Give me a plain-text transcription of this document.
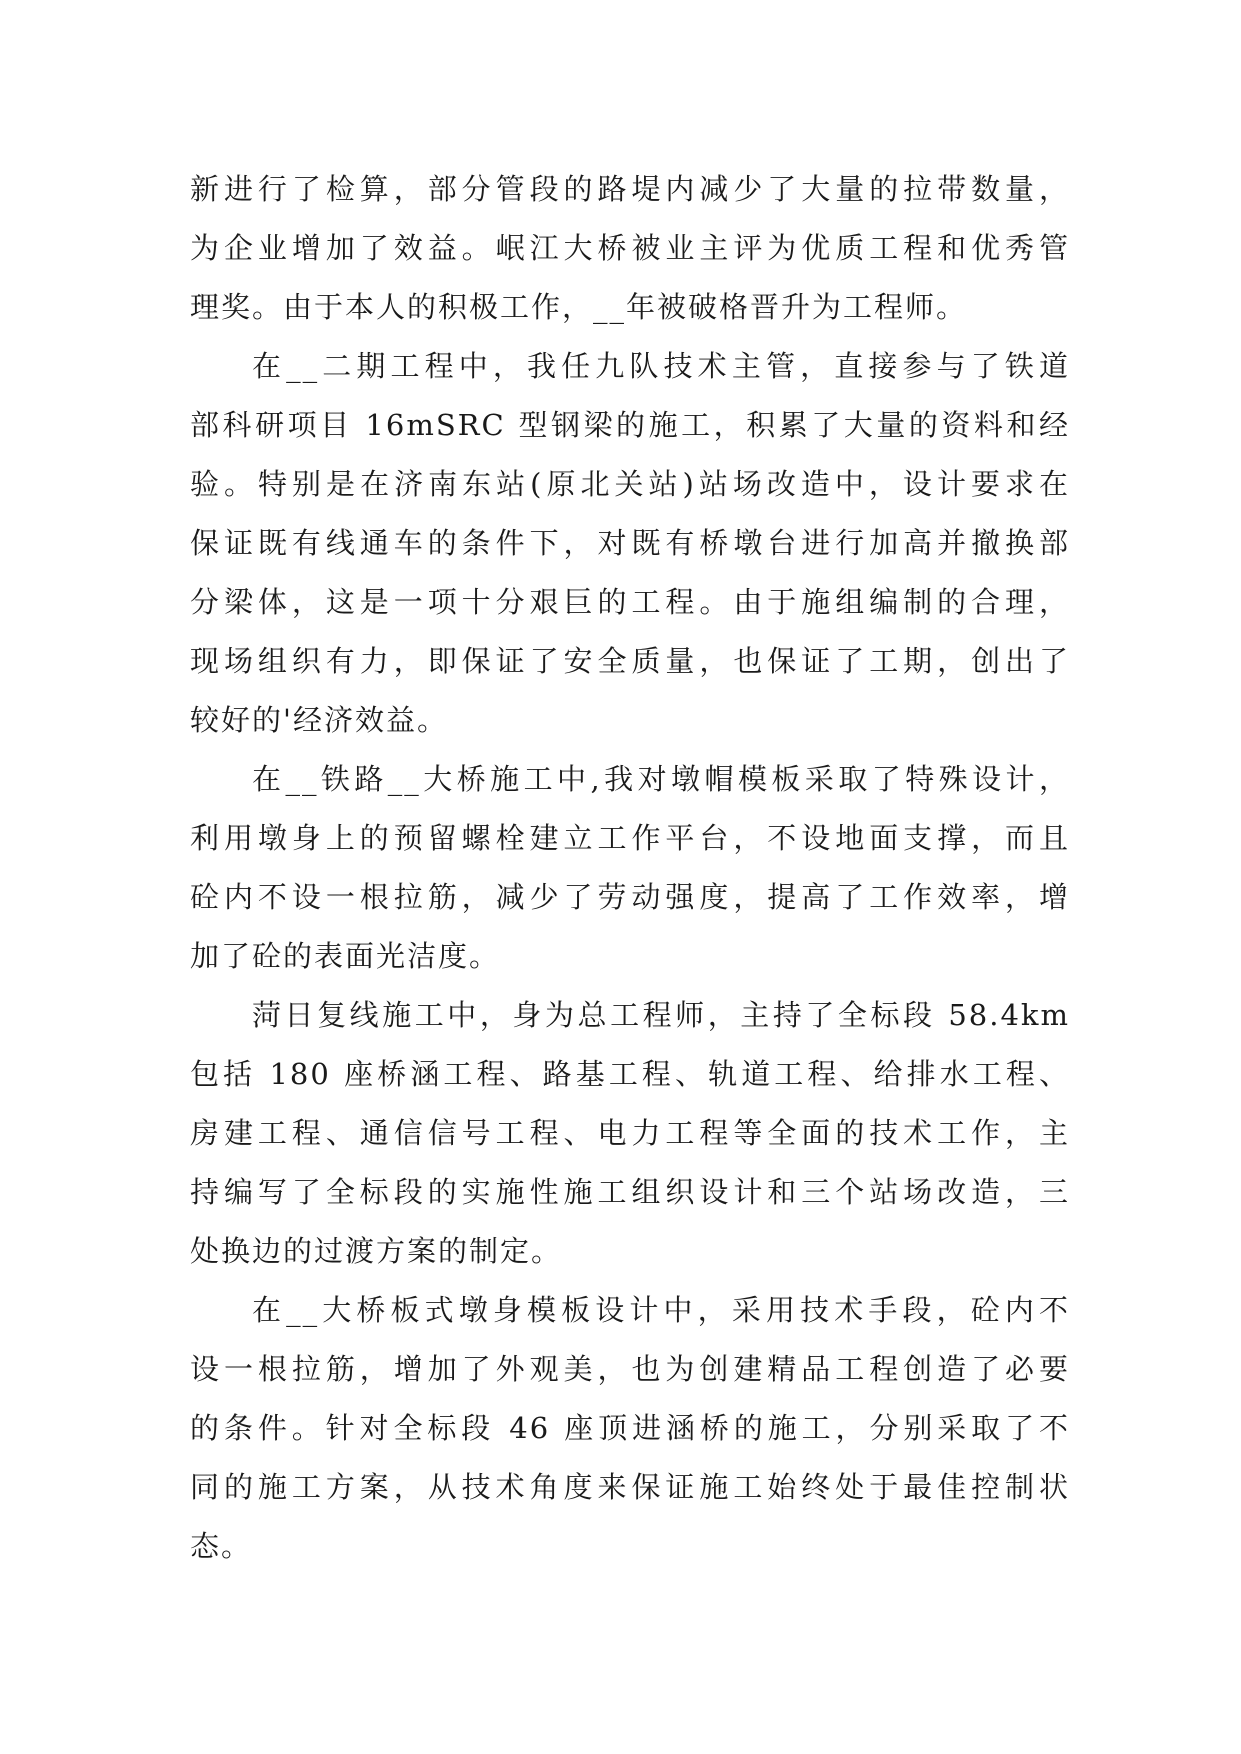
新进行了检算，部分管段的路堤内减少了大量的拉带数量，
为企业增加了效益。岷江大桥被业主评为优质工程和优秀管
理奖。由于本人的积极工作，__年被破格晋升为工程师。
在__二期工程中，我任九队技术主管，直接参与了铁道
部科研项目 16mSRC 型钢梁的施工，积累了大量的资料和经
验。特别是在济南东站(原北关站)站场改造中，设计要求在
保证既有线通车的条件下，对既有桥墩台进行加高并撤换部
分梁体，这是一项十分艰巨的工程。由于施组编制的合理，
现场组织有力，即保证了安全质量，也保证了工期，创出了
较好的'经济效益。
在__铁路__大桥施工中,我对墩帽模板采取了特殊设计，
利用墩身上的预留螺栓建立工作平台，不设地面支撑，而且
砼内不设一根拉筋，减少了劳动强度，提高了工作效率，增
加了砼的表面光洁度。
菏日复线施工中，身为总工程师，主持了全标段 58.4km
包括 180 座桥涵工程、路基工程、轨道工程、给排水工程、
房建工程、通信信号工程、电力工程等全面的技术工作，主
持编写了全标段的实施性施工组织设计和三个站场改造，三
处换边的过渡方案的制定。
在__大桥板式墩身模板设计中，采用技术手段，砼内不
设一根拉筋，增加了外观美，也为创建精品工程创造了必要
的条件。针对全标段 46 座顶进涵桥的施工，分别采取了不
同的施工方案，从技术角度来保证施工始终处于最佳控制状
态。
